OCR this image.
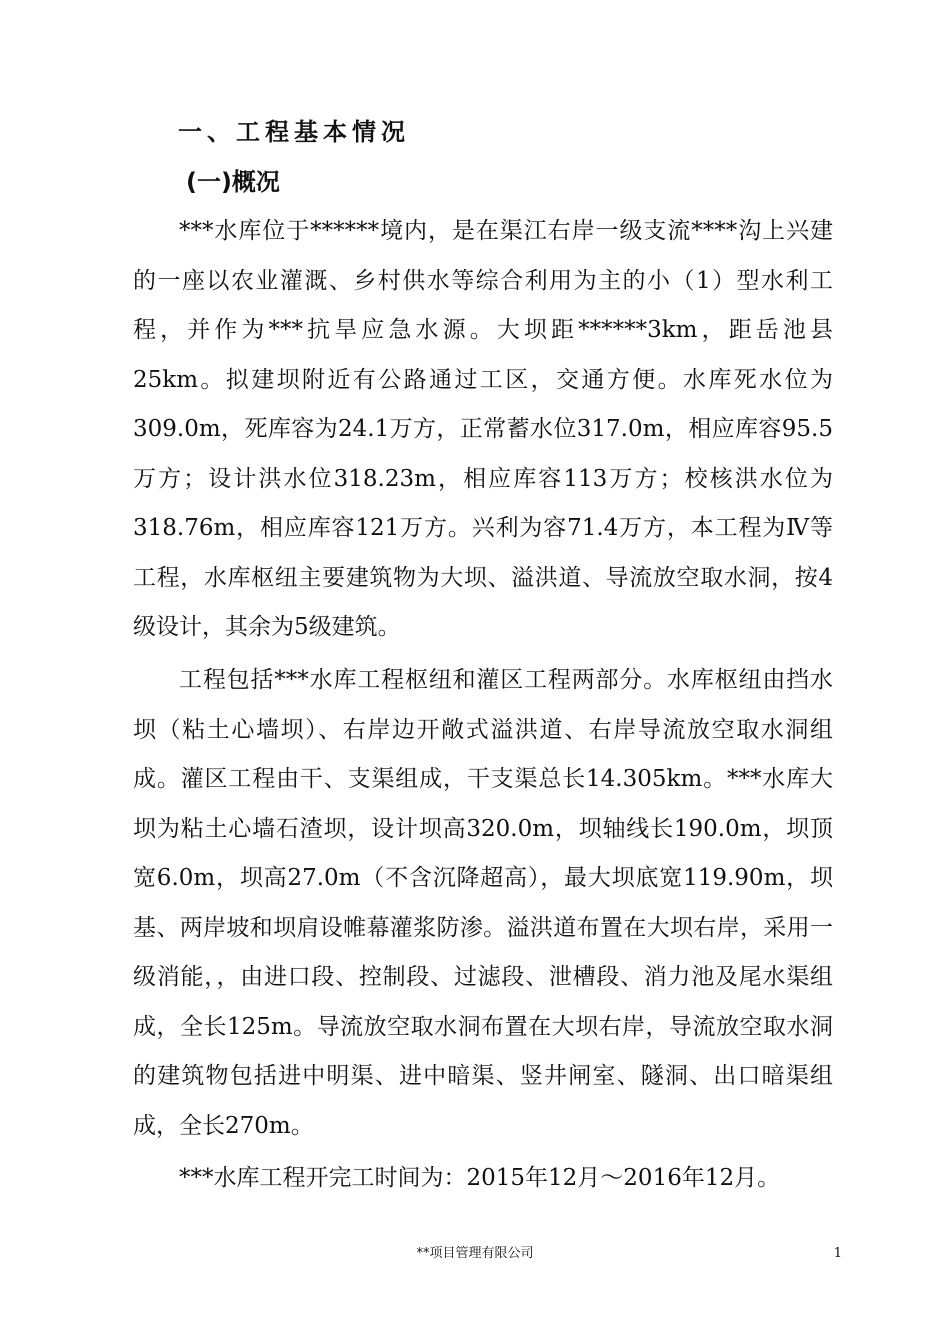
一、工程基本情况
(一)概况

***水库位于******境内，是在渠江右岸一级支流****沟上兴建的一座以农业灌溉、乡村供水等综合利用为主的小（1）型水利工程，并作为***抗旱应急水源。大坝距******3km，距岳池县25km。拟建坝附近有公路通过工区，交通方便。水库死水位为309.0m，死库容为24.1万方，正常蓄水位317.0m，相应库容95.5万方；设计洪水位318.23m，相应库容113万方；校核洪水位为318.76m，相应库容121万方。兴利为容71.4万方，本工程为Ⅳ等工程，水库枢纽主要建筑物为大坝、溢洪道、导流放空取水洞，按4级设计，其余为5级建筑。

工程包括***水库工程枢纽和灌区工程两部分。水库枢纽由挡水坝（粘土心墙坝）、右岸边开敞式溢洪道、右岸导流放空取水洞组成。灌区工程由干、支渠组成，干支渠总长14.305km。***水库大坝为粘土心墙石渣坝，设计坝高320.0m，坝轴线长190.0m，坝顶宽6.0m，坝高27.0m（不含沉降超高），最大坝底宽119.90m，坝基、两岸坡和坝肩设帷幕灌浆防渗。溢洪道布置在大坝右岸，采用一级消能，，由进口段、控制段、过滤段、泄槽段、消力池及尾水渠组成，全长125m。导流放空取水洞布置在大坝右岸，导流放空取水洞的建筑物包括进中明渠、进中暗渠、竖井闸室、隧洞、出口暗渠组成，全长270m。

***水库工程开完工时间为：2015年12月～2016年12月。

**项目管理有限公司	1
